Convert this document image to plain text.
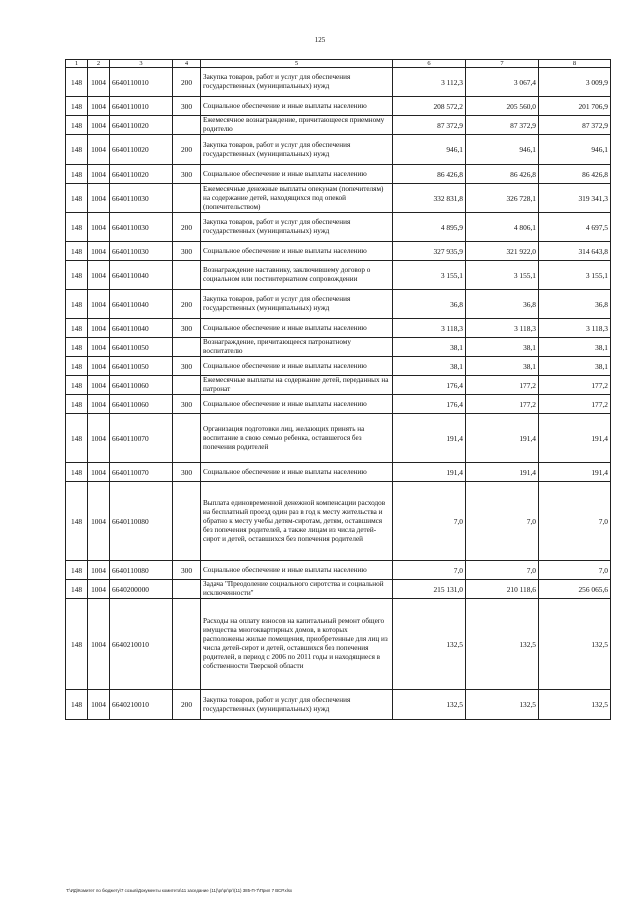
125
1	2	3	4	5	6	7	8
148	1004	6640110010	200	Закупка товаров, работ и услуг для обеспечения государственных (муниципальных) нужд	3 112,3	3 067,4	3 009,9
148	1004	6640110010	300	Социальное обеспечение и иные выплаты населению	208 572,2	205 560,0	201 706,9
148	1004	6640110020		Ежемесячное вознаграждение, причитающееся приемному родителю	87 372,9	87 372,9	87 372,9
148	1004	6640110020	200	Закупка товаров, работ и услуг для обеспечения государственных (муниципальных) нужд	946,1	946,1	946,1
148	1004	6640110020	300	Социальное обеспечение и иные выплаты населению	86 426,8	86 426,8	86 426,8
148	1004	6640110030		Ежемесячные денежные выплаты опекунам (попечителям) на содержание детей, находящихся под опекой (попечительством)	332 831,8	326 728,1	319 341,3
148	1004	6640110030	200	Закупка товаров, работ и услуг для обеспечения государственных (муниципальных) нужд	4 895,9	4 806,1	4 697,5
148	1004	6640110030	300	Социальное обеспечение и иные выплаты населению	327 935,9	321 922,0	314 643,8
148	1004	6640110040		Вознаграждение наставнику, заключившему договор о социальном или постинтернатном сопровождении	3 155,1	3 155,1	3 155,1
148	1004	6640110040	200	Закупка товаров, работ и услуг для обеспечения государственных (муниципальных) нужд	36,8	36,8	36,8
148	1004	6640110040	300	Социальное обеспечение и иные выплаты населению	3 118,3	3 118,3	3 118,3
148	1004	6640110050		Вознаграждение, причитающееся патронатному воспитателю	38,1	38,1	38,1
148	1004	6640110050	300	Социальное обеспечение и иные выплаты населению	38,1	38,1	38,1
148	1004	6640110060		Ежемесячные выплаты на содержание детей, переданных на патронат	176,4	177,2	177,2
148	1004	6640110060	300	Социальное обеспечение и иные выплаты населению	176,4	177,2	177,2
148	1004	6640110070		Организация подготовки лиц, желающих принять на воспитание в свою семью ребенка, оставшегося без попечения родителей	191,4	191,4	191,4
148	1004	6640110070	300	Социальное обеспечение и иные выплаты населению	191,4	191,4	191,4
148	1004	6640110080		Выплата единовременной денежной компенсации расходов на бесплатный проезд один раз в год к месту жительства и обратно к месту учебы детям-сиротам, детям, оставшимся без попечения родителей, а также лицам из числа детей-сирот и детей, оставшихся без попечения родителей	7,0	7,0	7,0
148	1004	6640110080	300	Социальное обеспечение и иные выплаты населению	7,0	7,0	7,0
148	1004	6640200000		Задача "Преодоление социального сиротства и социальной исключенности"	215 131,0	210 118,6	256 065,6
148	1004	6640210010		Расходы на оплату взносов на капитальный ремонт общего имущества многоквартирных домов, в которых расположены жилые помещения, приобретенные для лиц из числа детей-сирот и детей, оставшихся без попечения родителей, в период с 2006 по 2011 годы и находящиеся в собственности Тверской области	132,5	132,5	132,5
148	1004	6640210010	200	Закупка товаров, работ и услуг для обеспечения государственных (муниципальных) нужд	132,5	132,5	132,5
T:\ИД\Комитет по бюджету\7 созыв\Документы комитета\11 заседание (11)\pr\pr\pr\(11) 385-П-7\Прил 7 ВСР.xlsx
